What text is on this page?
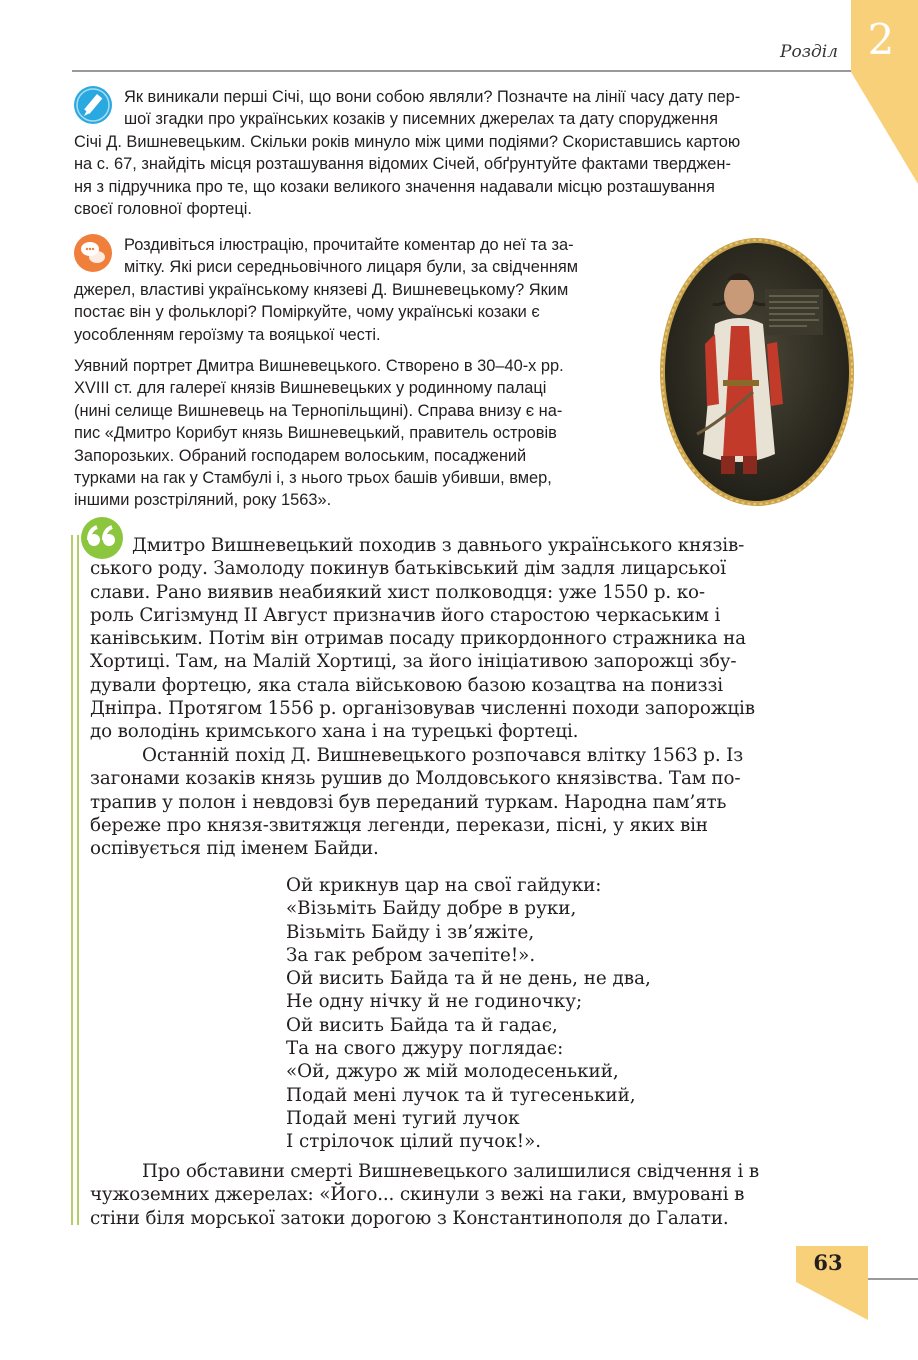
2
Розділ

Як виникали перші Січі, що вони собою являли? Позначте на лінії часу дату пер-

шої згадки про українських козаків у писемних джерелах та дату спорудження

Січі Д. Вишневецьким. Скільки років минуло між цими подіями? Скориставшись картою

на с. 67, знайдіть місця розташування відомих Січей, обґрунтуйте фактами тверджен-

ня з підручника про те, що козаки великого значення надавали місцю розташування

своєї головної фортеці.

Роздивіться ілюстрацію, прочитайте коментар до неї та за-

мітку. Які риси середньовічного лицаря були, за свідченням

джерел, властиві українському князеві Д. Вишневецькому? Яким

постає він у фольклорі? Поміркуйте, чому українські козаки є

уособленням героїзму та вояцької честі.

Уявний портрет Дмитра Вишневецького. Створено в 30–40-х рр.

XVIII ст. для галереї князів Вишневецьких у родинному палаці

(нині селище Вишневець на Тернопільщині). Справа внизу є на-

пис «Дмитро Корибут князь Вишневецький, правитель островів

Запорозьких. Обраний господарем волоським, посаджений

турками на гак у Стамбулі і, з нього трьох башів убивши, вмер,

іншими розстріляний, року 1563».

Дмитро Вишневецький походив з давнього українського князів-

ського роду. Замолоду покинув батьківський дім задля лицарської

слави. Рано виявив неабиякий хист полководця: уже 1550 р. ко-

роль Сигізмунд II Август призначив його старостою черкаським і

канівським. Потім він отримав посаду прикордонного стражника на

Хортиці. Там, на Малій Хортиці, за його ініціативою запорожці збу-

дували фортецю, яка стала військовою базою козацтва на пониззі

Дніпра. Протягом 1556 р. організовував численні походи запорожців

до володінь кримського хана і на турецькі фортеці.

Останній похід Д. Вишневецького розпочався влітку 1563 р. Із

загонами козаків князь рушив до Молдовського князівства. Там по-

трапив у полон і невдовзі був переданий туркам. Народна пам’ять

береже про князя-звитяжця легенди, перекази, пісні, у яких він

оспівується під іменем Байди.

Ой крикнув цар на свої гайдуки:
«Візьміть Байду добре в руки,
Візьміть Байду і зв’яжіте,
За гак ребром зачепіте!».
Ой висить Байда та й не день, не два,
Не одну нічку й не годиночку;
Ой висить Байда та й гадає,
Та на свого джуру поглядає:
«Ой, джуро ж мій молодесенький,
Подай мені лучок та й тугесенький,
Подай мені тугий лучок
І стрілочок цілий пучок!».

Про обставини смерті Вишневецького залишилися свідчення і в

чужоземних джерелах: «Його... скинули з вежі на гаки, вмуровані в

стіни біля морської затоки дорогою з Константинополя до Галати.

63
